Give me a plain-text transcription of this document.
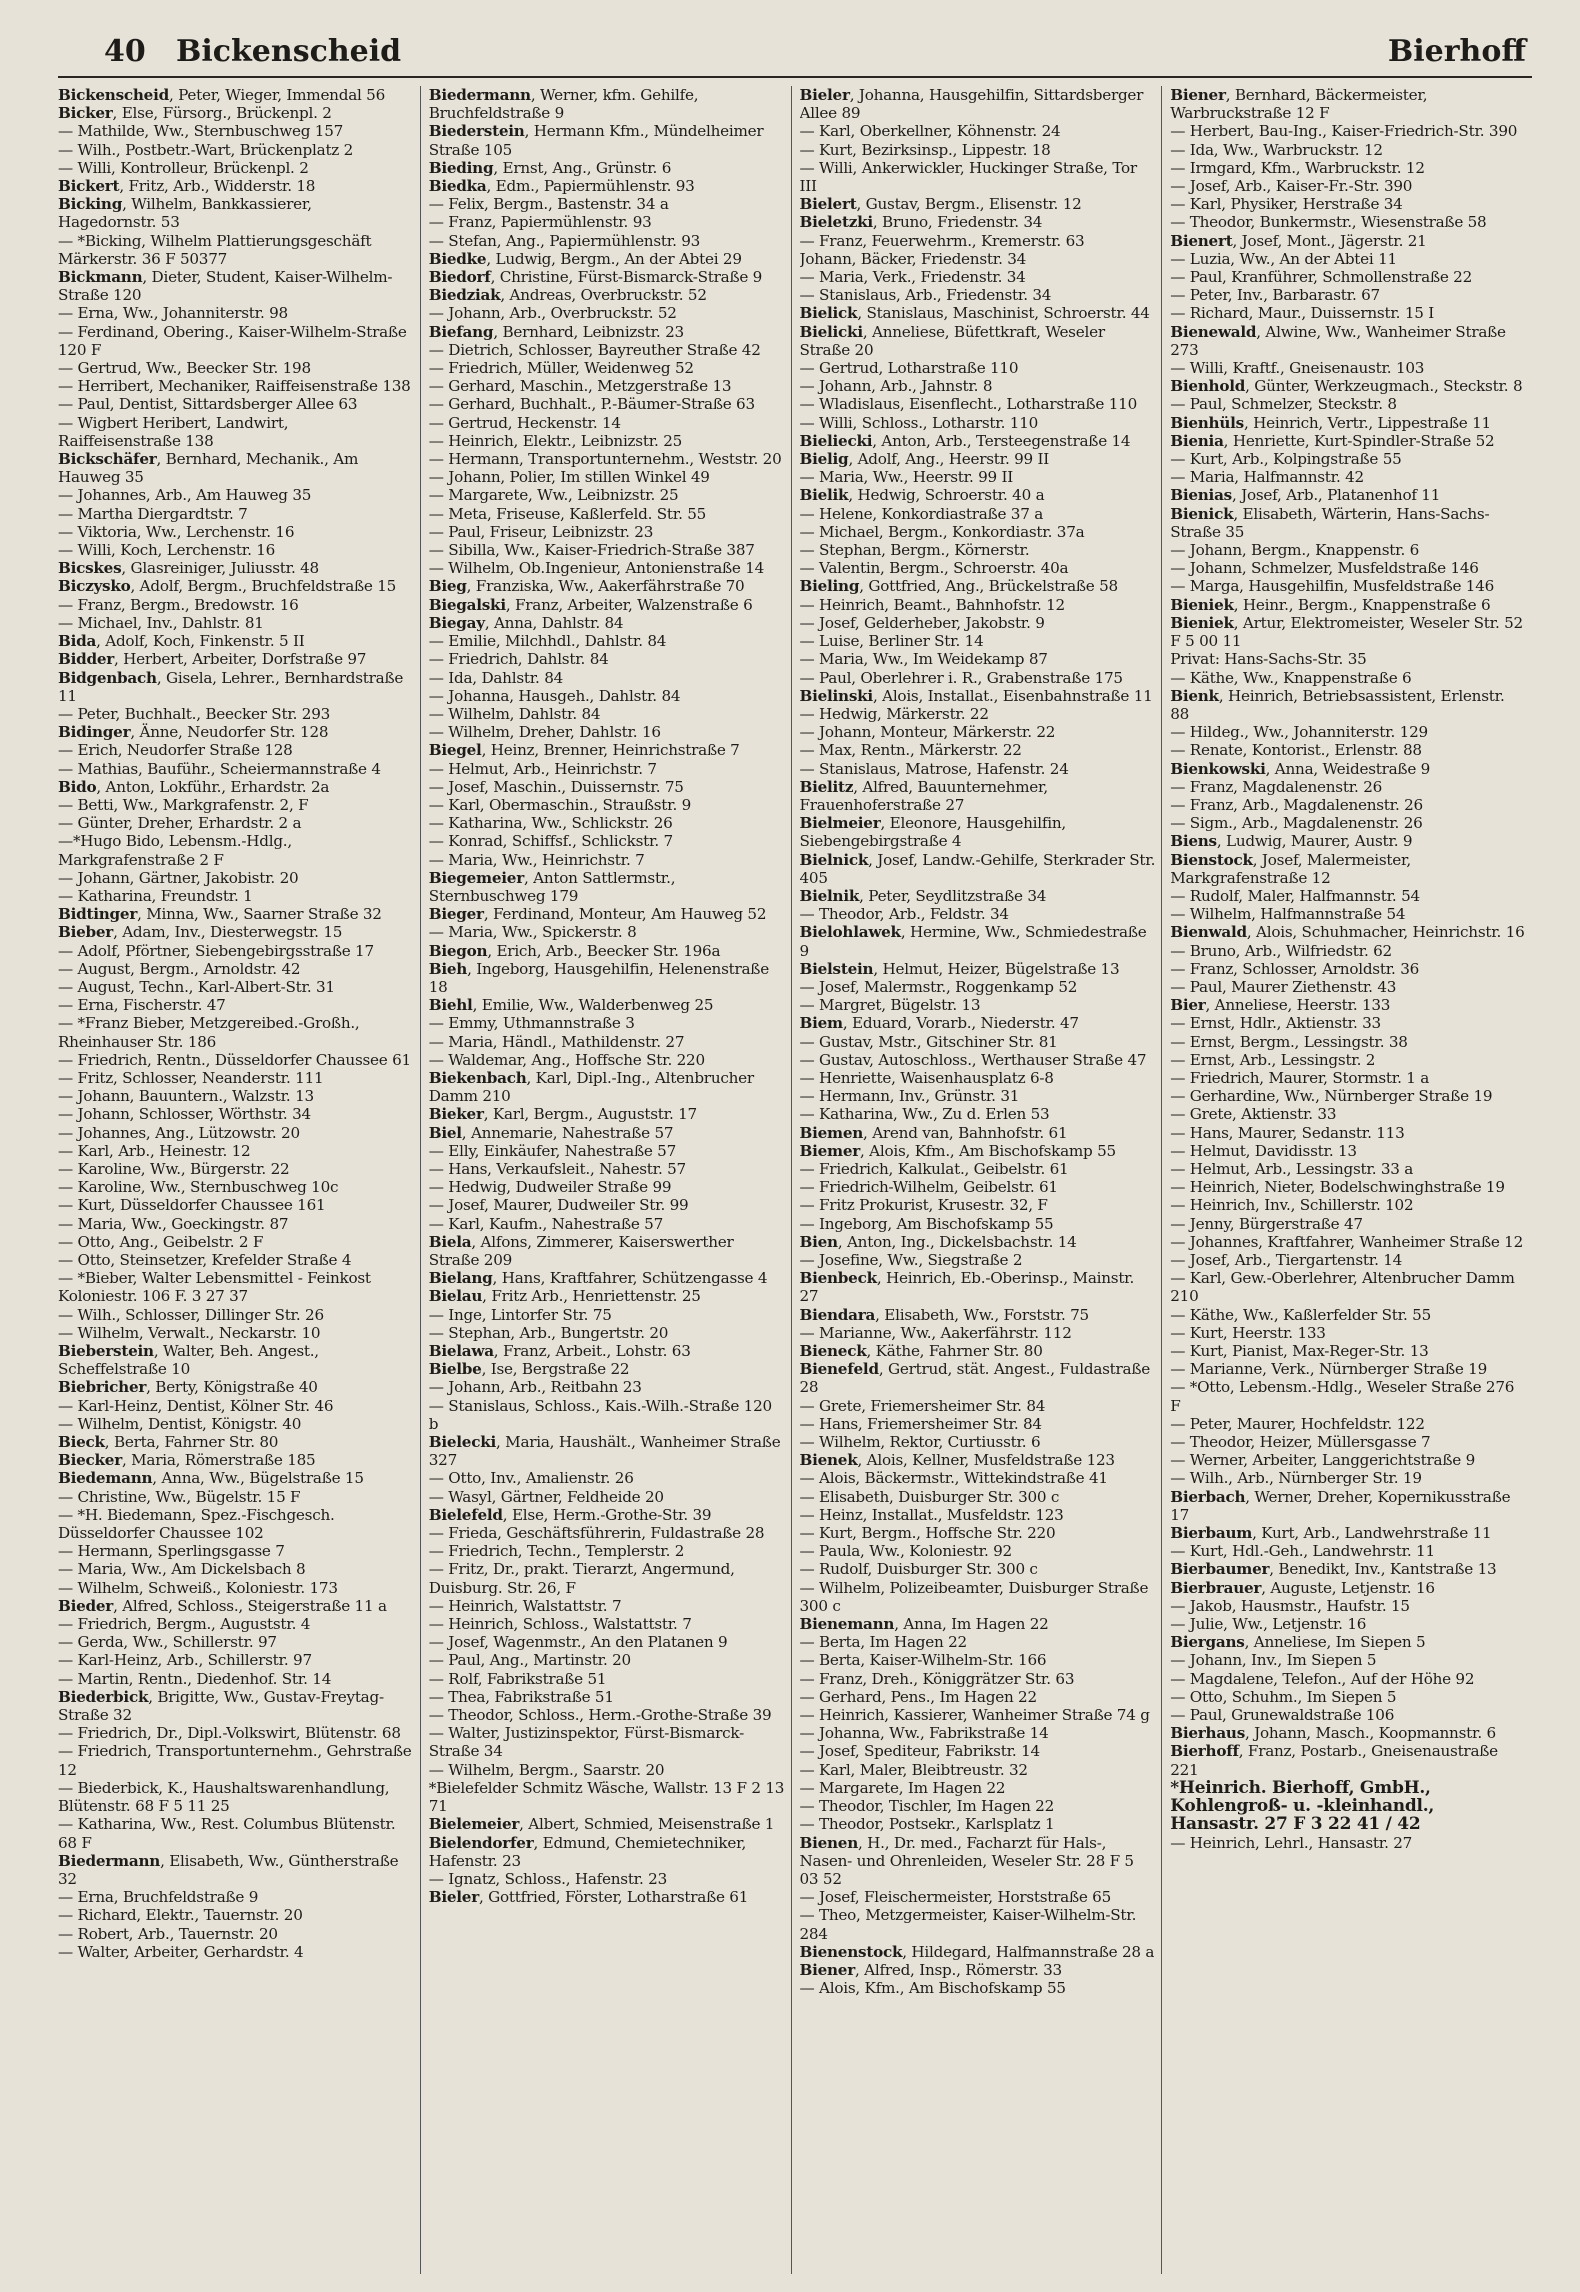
40 Bickenscheid	Bierhoff
Bickenscheid, Peter, Wieger, Immendal 56
Bicker, Else, Fürsorg., Brückenpl. 2
— Mathilde, Ww., Sternbuschweg 157
— Wilh., Postbetr.-Wart, Brückenplatz 2
— Willi, Kontrolleur, Brückenpl. 2
Bickert, Fritz, Arb., Widderstr. 18
Bicking, Wilhelm, Bankkassierer, Hagedornstr. 53
— *Bicking, Wilhelm Plattierungsgeschäft Märkerstr. 36 F 50377
Bickmann, Dieter, Student, Kaiser-Wilhelm-Straße 120
— Erna, Ww., Johanniterstr. 98
— Ferdinand, Obering., Kaiser-Wilhelm-Straße 120 F
— Gertrud, Ww., Beecker Str. 198
— Herribert, Mechaniker, Raiffeisenstraße 138
— Paul, Dentist, Sittardsberger Allee 63
— Wigbert Heribert, Landwirt, Raiffeisenstraße 138
Bickschäfer, Bernhard, Mechanik., Am Hauweg 35
— Johannes, Arb., Am Hauweg 35
— Martha Diergardtstr. 7
— Viktoria, Ww., Lerchenstr. 16
— Willi, Koch, Lerchenstr. 16
Bicskes, Glasreiniger, Juliusstr. 48
Biczysko, Adolf, Bergm., Bruchfeldstraße 15
— Franz, Bergm., Bredowstr. 16
— Michael, Inv., Dahlstr. 81
Bida, Adolf, Koch, Finkenstr. 5 II
Bidder, Herbert, Arbeiter, Dorfstraße 97
Bidgenbach, Gisela, Lehrer., Bernhardstraße 11
— Peter, Buchhalt., Beecker Str. 293
Bidinger, Änne, Neudorfer Str. 128
— Erich, Neudorfer Straße 128
— Mathias, Bauführ., Scheiermannstraße 4
Bido, Anton, Lokführ., Erhardstr. 2a
— Betti, Ww., Markgrafenstr. 2, F
— Günter, Dreher, Erhardstr. 2 a
—*Hugo Bido, Lebensm.-Hdlg., Markgrafenstraße 2 F
— Johann, Gärtner, Jakobistr. 20
— Katharina, Freundstr. 1
Bidtinger, Minna, Ww., Saarner Straße 32
Bieber, Adam, Inv., Diesterwegstr. 15
— Adolf, Pförtner, Siebengebirgsstraße 17
— August, Bergm., Arnoldstr. 42
— August, Techn., Karl-Albert-Str. 31
— Erna, Fischerstr. 47
— *Franz Bieber, Metzgereibed.-Großh., Rheinhauser Str. 186
— Friedrich, Rentn., Düsseldorfer Chaussee 61
— Fritz, Schlosser, Neanderstr. 111
— Johann, Bauuntern., Walzstr. 13
— Johann, Schlosser, Wörthstr. 34
— Johannes, Ang., Lützowstr. 20
— Karl, Arb., Heinestr. 12
— Karoline, Ww., Bürgerstr. 22
— Karoline, Ww., Sternbuschweg 10c
— Kurt, Düsseldorfer Chaussee 161
— Maria, Ww., Goeckingstr. 87
— Otto, Ang., Geibelstr. 2 F
— Otto, Steinsetzer, Krefelder Straße 4
— *Bieber, Walter Lebensmittel - Feinkost Koloniestr. 106 F. 3 27 37
— Wilh., Schlosser, Dillinger Str. 26
— Wilhelm, Verwalt., Neckarstr. 10
Bieberstein, Walter, Beh. Angest., Scheffelstraße 10
Biebricher, Berty, Königstraße 40
— Karl-Heinz, Dentist, Kölner Str. 46
— Wilhelm, Dentist, Königstr. 40
Bieck, Berta, Fahrner Str. 80
Biecker, Maria, Römerstraße 185
Biedemann, Anna, Ww., Bügelstraße 15
— Christine, Ww., Bügelstr. 15 F
— *H. Biedemann, Spez.-Fischgesch. Düsseldorfer Chaussee 102
— Hermann, Sperlingsgasse 7
— Maria, Ww., Am Dickelsbach 8
— Wilhelm, Schweiß., Koloniestr. 173
Bieder, Alfred, Schloss., Steigerstraße 11 a
— Friedrich, Bergm., Auguststr. 4
— Gerda, Ww., Schillerstr. 97
— Karl-Heinz, Arb., Schillerstr. 97
— Martin, Rentn., Diedenhof. Str. 14
Biederbick, Brigitte, Ww., Gustav-Freytag-Straße 32
— Friedrich, Dr., Dipl.-Volkswirt, Blütenstr. 68
— Friedrich, Transportunternehm., Gehrstraße 12
— Biederbick, K., Haushaltswarenhandlung, Blütenstr. 68 F 5 11 25
— Katharina, Ww., Rest. Columbus Blütenstr. 68 F
Biedermann, Elisabeth, Ww., Güntherstraße 32
— Erna, Bruchfeldstraße 9
— Richard, Elektr., Tauernstr. 20
— Robert, Arb., Tauernstr. 20
— Walter, Arbeiter, Gerhardstr. 4
Biedermann, Werner, kfm. Gehilfe, Bruchfeldstraße 9
Biederstein, Hermann Kfm., Mündelheimer Straße 105
Bieding, Ernst, Ang., Grünstr. 6
Biedka, Edm., Papiermühlenstr. 93
— Felix, Bergm., Bastenstr. 34 a
— Franz, Papiermühlenstr. 93
— Stefan, Ang., Papiermühlenstr. 93
Biedke, Ludwig, Bergm., An der Abtei 29
Biedorf, Christine, Fürst-Bismarck-Straße 9
Biedziak, Andreas, Overbruckstr. 52
— Johann, Arb., Overbruckstr. 52
Biefang, Bernhard, Leibnizstr. 23
— Dietrich, Schlosser, Bayreuther Straße 42
— Friedrich, Müller, Weidenweg 52
— Gerhard, Maschin., Metzgerstraße 13
— Gerhard, Buchhalt., P.-Bäumer-Straße 63
— Gertrud, Heckenstr. 14
— Heinrich, Elektr., Leibnizstr. 25
— Hermann, Transportunternehm., Weststr. 20
— Johann, Polier, Im stillen Winkel 49
— Margarete, Ww., Leibnizstr. 25
— Meta, Friseuse, Kaßlerfeld. Str. 55
— Paul, Friseur, Leibnizstr. 23
— Sibilla, Ww., Kaiser-Friedrich-Straße 387
— Wilhelm, Ob.Ingenieur, Antonienstraße 14
Bieg, Franziska, Ww., Aakerfährstraße 70
Biegalski, Franz, Arbeiter, Walzenstraße 6
Biegay, Anna, Dahlstr. 84
— Emilie, Milchhdl., Dahlstr. 84
— Friedrich, Dahlstr. 84
— Ida, Dahlstr. 84
— Johanna, Hausgeh., Dahlstr. 84
— Wilhelm, Dahlstr. 84
— Wilhelm, Dreher, Dahlstr. 16
Biegel, Heinz, Brenner, Heinrichstraße 7
— Helmut, Arb., Heinrichstr. 7
— Josef, Maschin., Duissernstr. 75
— Karl, Obermaschin., Straußstr. 9
— Katharina, Ww., Schlickstr. 26
— Konrad, Schiffsf., Schlickstr. 7
— Maria, Ww., Heinrichstr. 7
Biegemeier, Anton Sattlermstr., Sternbuschweg 179
Bieger, Ferdinand, Monteur, Am Hauweg 52
— Maria, Ww., Spickerstr. 8
Biegon, Erich, Arb., Beecker Str. 196a
Bieh, Ingeborg, Hausgehilfin, Helenenstraße 18
Biehl, Emilie, Ww., Walderbenweg 25
— Emmy, Uthmannstraße 3
— Maria, Händl., Mathildenstr. 27
— Waldemar, Ang., Hoffsche Str. 220
Biekenbach, Karl, Dipl.-Ing., Altenbrucher Damm 210
Bieker, Karl, Bergm., Auguststr. 17
Biel, Annemarie, Nahestraße 57
— Elly, Einkäufer, Nahestraße 57
— Hans, Verkaufsleit., Nahestr. 57
— Hedwig, Dudweiler Straße 99
— Josef, Maurer, Dudweiler Str. 99
— Karl, Kaufm., Nahestraße 57
Biela, Alfons, Zimmerer, Kaiserswerther Straße 209
Bielang, Hans, Kraftfahrer, Schützengasse 4
Bielau, Fritz Arb., Henriettenstr. 25
— Inge, Lintorfer Str. 75
— Stephan, Arb., Bungertstr. 20
Bielawa, Franz, Arbeit., Lohstr. 63
Bielbe, Ise, Bergstraße 22
— Johann, Arb., Reitbahn 23
— Stanislaus, Schloss., Kais.-Wilh.-Straße 120 b
Bielecki, Maria, Haushält., Wanheimer Straße 327
— Otto, Inv., Amalienstr. 26
— Wasyl, Gärtner, Feldheide 20
Bielefeld, Else, Herm.-Grothe-Str. 39
— Frieda, Geschäftsführerin, Fuldastraße 28
— Friedrich, Techn., Templerstr. 2
— Fritz, Dr., prakt. Tierarzt, Angermund, Duisburg. Str. 26, F
— Heinrich, Walstattstr. 7
— Heinrich, Schloss., Walstattstr. 7
— Josef, Wagenmstr., An den Platanen 9
— Paul, Ang., Martinstr. 20
— Rolf, Fabrikstraße 51
— Thea, Fabrikstraße 51
— Theodor, Schloss., Herm.-Grothe-Straße 39
— Walter, Justizinspektor, Fürst-Bismarck-Straße 34
— Wilhelm, Bergm., Saarstr. 20
*Bielefelder Schmitz Wäsche, Wallstr. 13 F 2 13 71
Bielemeier, Albert, Schmied, Meisenstraße 1
Bielendorfer, Edmund, Chemietechniker, Hafenstr. 23
— Ignatz, Schloss., Hafenstr. 23
Bieler, Gottfried, Förster, Lotharstraße 61
Bieler, Johanna, Hausgehilfin, Sittardsberger Allee 89
— Karl, Oberkellner, Köhnenstr. 24
— Kurt, Bezirksinsp., Lippestr. 18
— Willi, Ankerwickler, Huckinger Straße, Tor III
Bielert, Gustav, Bergm., Elisenstr. 12
Bieletzki, Bruno, Friedenstr. 34
— Franz, Feuerwehrm., Kremerstr. 63
Johann, Bäcker, Friedenstr. 34
— Maria, Verk., Friedenstr. 34
— Stanislaus, Arb., Friedenstr. 34
Bielick, Stanislaus, Maschinist, Schroerstr. 44
Bielicki, Anneliese, Büfettkraft, Weseler Straße 20
— Gertrud, Lotharstraße 110
— Johann, Arb., Jahnstr. 8
— Wladislaus, Eisenflecht., Lotharstraße 110
— Willi, Schloss., Lotharstr. 110
Bieliecki, Anton, Arb., Tersteegenstraße 14
Bielig, Adolf, Ang., Heerstr. 99 II
— Maria, Ww., Heerstr. 99 II
Bielik, Hedwig, Schroerstr. 40 a
— Helene, Konkordiastraße 37 a
— Michael, Bergm., Konkordiastr. 37a
— Stephan, Bergm., Körnerstr.
— Valentin, Bergm., Schroerstr. 40a
Bieling, Gottfried, Ang., Brückelstraße 58
— Heinrich, Beamt., Bahnhofstr. 12
— Josef, Gelderheber, Jakobstr. 9
— Luise, Berliner Str. 14
— Maria, Ww., Im Weidekamp 87
— Paul, Oberlehrer i. R., Grabenstraße 175
Bielinski, Alois, Installat., Eisenbahnstraße 11
— Hedwig, Märkerstr. 22
— Johann, Monteur, Märkerstr. 22
— Max, Rentn., Märkerstr. 22
— Stanislaus, Matrose, Hafenstr. 24
Bielitz, Alfred, Bauunternehmer, Frauenhoferstraße 27
Bielmeier, Eleonore, Hausgehilfin, Siebengebirgstraße 4
Bielnick, Josef, Landw.-Gehilfe, Sterkrader Str. 405
Bielnik, Peter, Seydlitzstraße 34
— Theodor, Arb., Feldstr. 34
Bielohlawek, Hermine, Ww., Schmiedestraße 9
Bielstein, Helmut, Heizer, Bügelstraße 13
— Josef, Malermstr., Roggenkamp 52
— Margret, Bügelstr. 13
Biem, Eduard, Vorarb., Niederstr. 47
— Gustav, Mstr., Gitschiner Str. 81
— Gustav, Autoschloss., Werthauser Straße 47
— Henriette, Waisenhausplatz 6-8
— Hermann, Inv., Grünstr. 31
— Katharina, Ww., Zu d. Erlen 53
Biemen, Arend van, Bahnhofstr. 61
Biemer, Alois, Kfm., Am Bischofskamp 55
— Friedrich, Kalkulat., Geibelstr. 61
— Friedrich-Wilhelm, Geibelstr. 61
— Fritz Prokurist, Krusestr. 32, F
— Ingeborg, Am Bischofskamp 55
Bien, Anton, Ing., Dickelsbachstr. 14
— Josefine, Ww., Siegstraße 2
Bienbeck, Heinrich, Eb.-Oberinsp., Mainstr. 27
Biendara, Elisabeth, Ww., Forststr. 75
— Marianne, Ww., Aakerfährstr. 112
Bieneck, Käthe, Fahrner Str. 80
Bienefeld, Gertrud, stät. Angest., Fuldastraße 28
— Grete, Friemersheimer Str. 84
— Hans, Friemersheimer Str. 84
— Wilhelm, Rektor, Curtiusstr. 6
Bienek, Alois, Kellner, Musfeldstraße 123
— Alois, Bäckermstr., Wittekindstraße 41
— Elisabeth, Duisburger Str. 300 c
— Heinz, Installat., Musfeldstr. 123
— Kurt, Bergm., Hoffsche Str. 220
— Paula, Ww., Koloniestr. 92
— Rudolf, Duisburger Str. 300 c
— Wilhelm, Polizeibeamter, Duisburger Straße 300 c
Bienemann, Anna, Im Hagen 22
— Berta, Im Hagen 22
— Berta, Kaiser-Wilhelm-Str. 166
— Franz, Dreh., Königgrätzer Str. 63
— Gerhard, Pens., Im Hagen 22
— Heinrich, Kassierer, Wanheimer Straße 74 g
— Johanna, Ww., Fabrikstraße 14
— Josef, Spediteur, Fabrikstr. 14
— Karl, Maler, Bleibtreustr. 32
— Margarete, Im Hagen 22
— Theodor, Tischler, Im Hagen 22
— Theodor, Postsekr., Karlsplatz 1
Bienen, H., Dr. med., Facharzt für Hals-, Nasen- und Ohrenleiden, Weseler Str. 28 F 5 03 52
— Josef, Fleischermeister, Horststraße 65
— Theo, Metzgermeister, Kaiser-Wilhelm-Str. 284
Bienenstock, Hildegard, Halfmannstraße 28 a
Biener, Alfred, Insp., Römerstr. 33
— Alois, Kfm., Am Bischofskamp 55
Biener, Bernhard, Bäckermeister, Warbruckstraße 12 F
— Herbert, Bau-Ing., Kaiser-Friedrich-Str. 390
— Ida, Ww., Warbruckstr. 12
— Irmgard, Kfm., Warbruckstr. 12
— Josef, Arb., Kaiser-Fr.-Str. 390
— Karl, Physiker, Herstraße 34
— Theodor, Bunkermstr., Wiesenstraße 58
Bienert, Josef, Mont., Jägerstr. 21
— Luzia, Ww., An der Abtei 11
— Paul, Kranführer, Schmollenstraße 22
— Peter, Inv., Barbarastr. 67
— Richard, Maur., Duissernstr. 15 I
Bienewald, Alwine, Ww., Wanheimer Straße 273
— Willi, Kraftf., Gneisenaustr. 103
Bienhold, Günter, Werkzeugmach., Steckstr. 8
— Paul, Schmelzer, Steckstr. 8
Bienhüls, Heinrich, Vertr., Lippestraße 11
Bienia, Henriette, Kurt-Spindler-Straße 52
— Kurt, Arb., Kolpingstraße 55
— Maria, Halfmannstr. 42
Bienias, Josef, Arb., Platanenhof 11
Bienick, Elisabeth, Wärterin, Hans-Sachs-Straße 35
— Johann, Bergm., Knappenstr. 6
— Johann, Schmelzer, Musfeldstraße 146
— Marga, Hausgehilfin, Musfeldstraße 146
Bieniek, Heinr., Bergm., Knappenstraße 6
Bieniek, Artur, Elektromeister, Weseler Str. 52 F 5 00 11
Privat: Hans-Sachs-Str. 35
— Käthe, Ww., Knappenstraße 6
Bienk, Heinrich, Betriebsassistent, Erlenstr. 88
— Hildeg., Ww., Johanniterstr. 129
— Renate, Kontorist., Erlenstr. 88
Bienkowski, Anna, Weidestraße 9
— Franz, Magdalenenstr. 26
— Franz, Arb., Magdalenenstr. 26
— Sigm., Arb., Magdalenenstr. 26
Biens, Ludwig, Maurer, Austr. 9
Bienstock, Josef, Malermeister, Markgrafenstraße 12
— Rudolf, Maler, Halfmannstr. 54
— Wilhelm, Halfmannstraße 54
Bienwald, Alois, Schuhmacher, Heinrichstr. 16
— Bruno, Arb., Wilfriedstr. 62
— Franz, Schlosser, Arnoldstr. 36
— Paul, Maurer Ziethenstr. 43
Bier, Anneliese, Heerstr. 133
— Ernst, Hdlr., Aktienstr. 33
— Ernst, Bergm., Lessingstr. 38
— Ernst, Arb., Lessingstr. 2
— Friedrich, Maurer, Stormstr. 1 a
— Gerhardine, Ww., Nürnberger Straße 19
— Grete, Aktienstr. 33
— Hans, Maurer, Sedanstr. 113
— Helmut, Davidisstr. 13
— Helmut, Arb., Lessingstr. 33 a
— Heinrich, Nieter, Bodelschwinghstraße 19
— Heinrich, Inv., Schillerstr. 102
— Jenny, Bürgerstraße 47
— Johannes, Kraftfahrer, Wanheimer Straße 12
— Josef, Arb., Tiergartenstr. 14
— Karl, Gew.-Oberlehrer, Altenbrucher Damm 210
— Käthe, Ww., Kaßlerfelder Str. 55
— Kurt, Heerstr. 133
— Kurt, Pianist, Max-Reger-Str. 13
— Marianne, Verk., Nürnberger Straße 19
— *Otto, Lebensm.-Hdlg., Weseler Straße 276 F
— Peter, Maurer, Hochfeldstr. 122
— Theodor, Heizer, Müllersgasse 7
— Werner, Arbeiter, Langgerichtstraße 9
— Wilh., Arb., Nürnberger Str. 19
Bierbach, Werner, Dreher, Kopernikusstraße 17
Bierbaum, Kurt, Arb., Landwehrstraße 11
— Kurt, Hdl.-Geh., Landwehrstr. 11
Bierbaumer, Benedikt, Inv., Kantstraße 13
Bierbrauer, Auguste, Letjenstr. 16
— Jakob, Hausmstr., Haufstr. 15
— Julie, Ww., Letjenstr. 16
Biergans, Anneliese, Im Siepen 5
— Johann, Inv., Im Siepen 5
— Magdalene, Telefon., Auf der Höhe 92
— Otto, Schuhm., Im Siepen 5
— Paul, Grunewaldstraße 106
Bierhaus, Johann, Masch., Koopmannstr. 6
Bierhoff, Franz, Postarb., Gneisenaustraße 221
*Heinrich. Bierhoff, GmbH., Kohlengroß- u. -kleinhandl., Hansastr. 27 F 3 22 41 / 42
— Heinrich, Lehrl., Hansastr. 27
